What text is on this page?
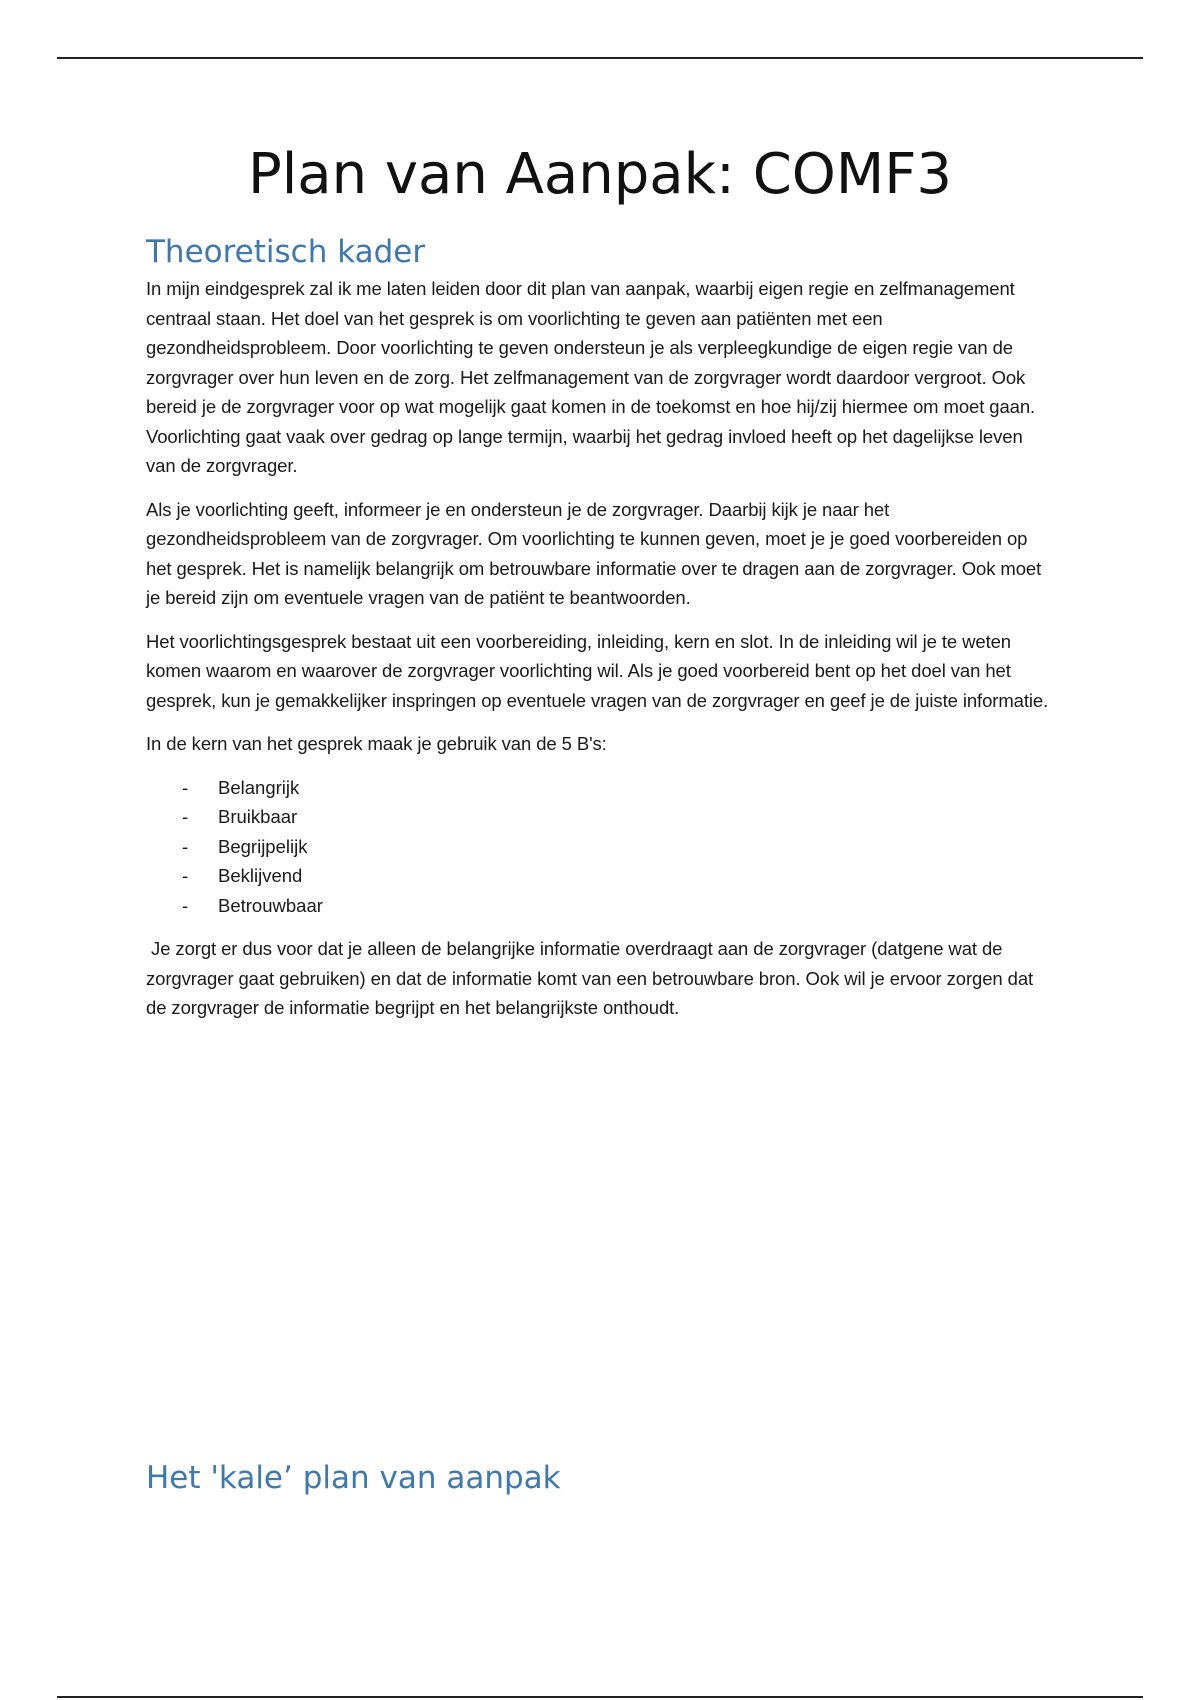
Plan van Aanpak: COMF3
Theoretisch kader

In mijn eindgesprek zal ik me laten leiden door dit plan van aanpak, waarbij eigen regie en zelfmanagement centraal staan. Het doel van het gesprek is om voorlichting te geven aan patiënten met een gezondheidsprobleem. Door voorlichting te geven ondersteun je als verpleegkundige de eigen regie van de zorgvrager over hun leven en de zorg. Het zelfmanagement van de zorgvrager wordt daardoor vergroot. Ook bereid je de zorgvrager voor op wat mogelijk gaat komen in de toekomst en hoe hij/zij hiermee om moet gaan. Voorlichting gaat vaak over gedrag op lange termijn, waarbij het gedrag invloed heeft op het dagelijkse leven van de zorgvrager.

Als je voorlichting geeft, informeer je en ondersteun je de zorgvrager. Daarbij kijk je naar het gezondheidsprobleem van de zorgvrager. Om voorlichting te kunnen geven, moet je je goed voorbereiden op het gesprek. Het is namelijk belangrijk om betrouwbare informatie over te dragen aan de zorgvrager. Ook moet je bereid zijn om eventuele vragen van de patiënt te beantwoorden.

Het voorlichtingsgesprek bestaat uit een voorbereiding, inleiding, kern en slot. In de inleiding wil je te weten komen waarom en waarover de zorgvrager voorlichting wil. Als je goed voorbereid bent op het doel van het gesprek, kun je gemakkelijker inspringen op eventuele vragen van de zorgvrager en geef je de juiste informatie.

In de kern van het gesprek maak je gebruik van de 5 B's:

-	Belangrijk
-	Bruikbaar
-	Begrijpelijk
-	Beklijvend
-	Betrouwbaar

Je zorgt er dus voor dat je alleen de belangrijke informatie overdraagt aan de zorgvrager (datgene wat de zorgvrager gaat gebruiken) en dat de informatie komt van een betrouwbare bron. Ook wil je ervoor zorgen dat de zorgvrager de informatie begrijpt en het belangrijkste onthoudt.

Het 'kale’ plan van aanpak
